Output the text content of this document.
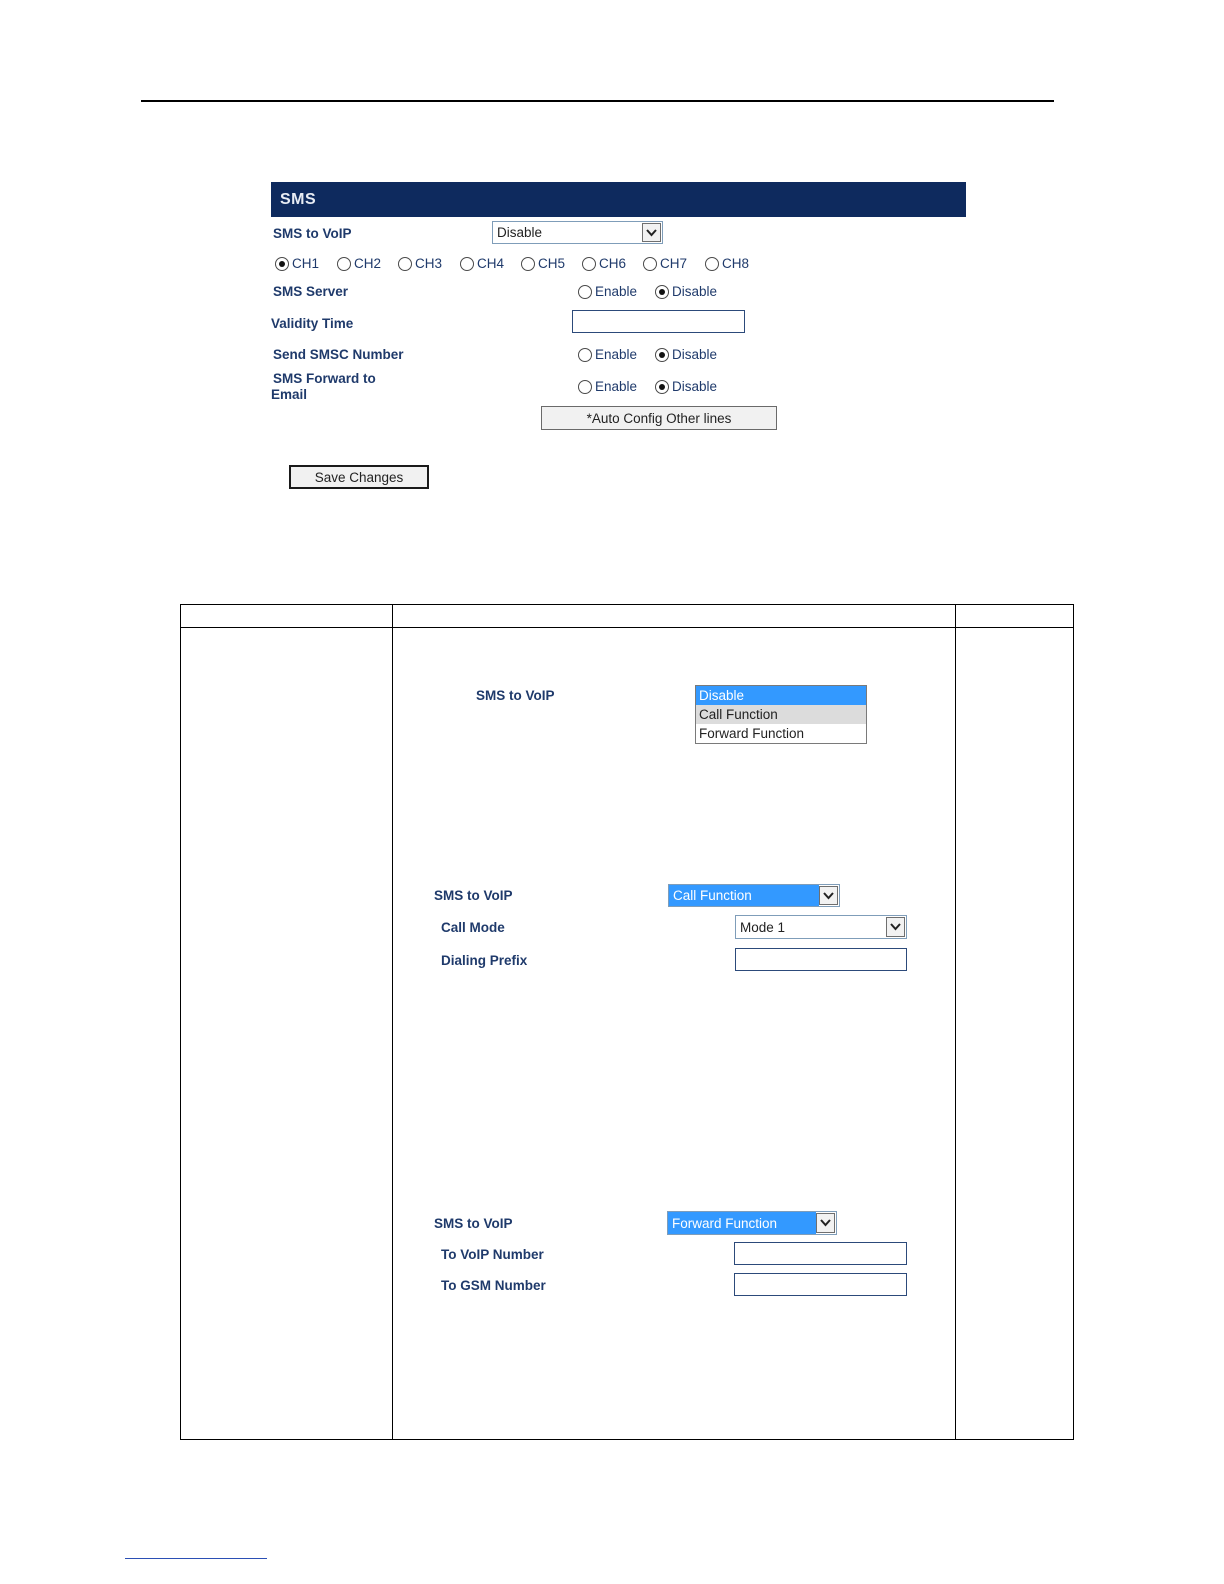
SMS
SMS to VoIP	Disable
CH1	CH2	CH3	CH4	CH5	CH6	CH7	CH8
SMS Server	Enable	Disable
Validity Time
Send SMSC Number	Enable	Disable
SMS Forward to
Email
Enable	Disable
*Auto Config Other lines
Save Changes
SMS to VoIP	Disable
Call Function
Forward Function
SMS to VoIP	Call Function
Call Mode	Mode 1
Dialing Prefix
SMS to VoIP	Forward Function
To VoIP Number
To GSM Number
